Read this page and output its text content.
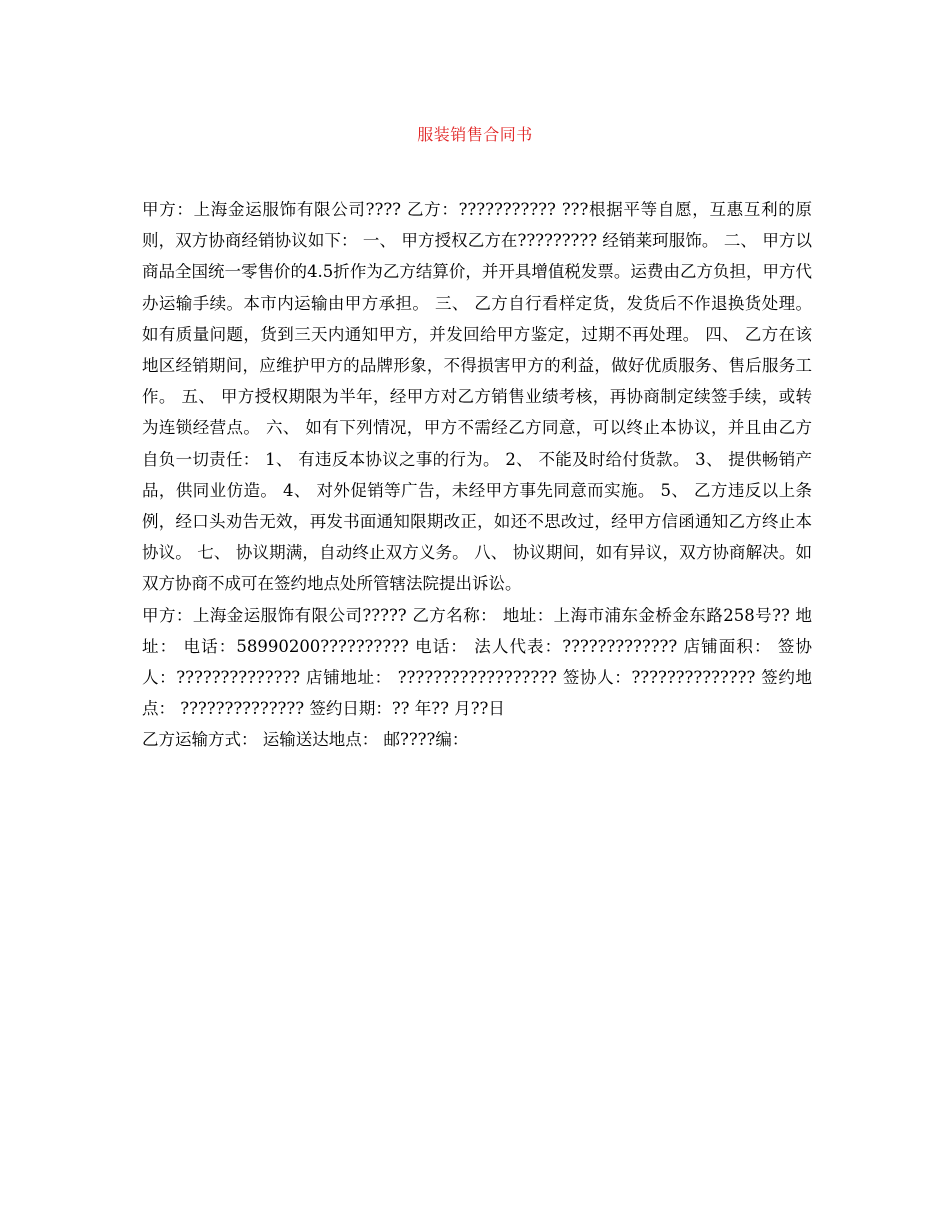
服装销售合同书

甲方：上海金运服饰有限公司???? 乙方：??????????? ???根据平等自愿，互惠互利的原则，双方协商经销协议如下： 一、 甲方授权乙方在????????? 经销莱珂服饰。 二、 甲方以商品全国统一零售价的4.5折作为乙方结算价，并开具增值税发票。运费由乙方负担，甲方代办运输手续。本市内运输由甲方承担。 三、 乙方自行看样定货，发货后不作退换货处理。如有质量问题，货到三天内通知甲方，并发回给甲方鉴定，过期不再处理。 四、 乙方在该地区经销期间，应维护甲方的品牌形象，不得损害甲方的利益，做好优质服务、售后服务工作。 五、 甲方授权期限为半年，经甲方对乙方销售业绩考核，再协商制定续签手续，或转为连锁经营点。 六、 如有下列情况，甲方不需经乙方同意，可以终止本协议，并且由乙方自负一切责任： 1、 有违反本协议之事的行为。 2、 不能及时给付货款。 3、 提供畅销产品，供同业仿造。 4、 对外促销等广告，未经甲方事先同意而实施。 5、 乙方违反以上条例，经口头劝告无效，再发书面通知限期改正，如还不思改过，经甲方信函通知乙方终止本协议。 七、 协议期满，自动终止双方义务。 八、 协议期间，如有异议，双方协商解决。如双方协商不成可在签约地点处所管辖法院提出诉讼。

甲方：上海金运服饰有限公司????? 乙方名称： 地址：上海市浦东金桥金东路258号?? 地址： 电话：58990200?????????? 电话： 法人代表：????????????? 店铺面积： 签协人：?????????????? 店铺地址： ?????????????????? 签协人：?????????????? 签约地点： ?????????????? 签约日期：?? 年?? 月??日

乙方运输方式： 运输送达地点： 邮????编：
